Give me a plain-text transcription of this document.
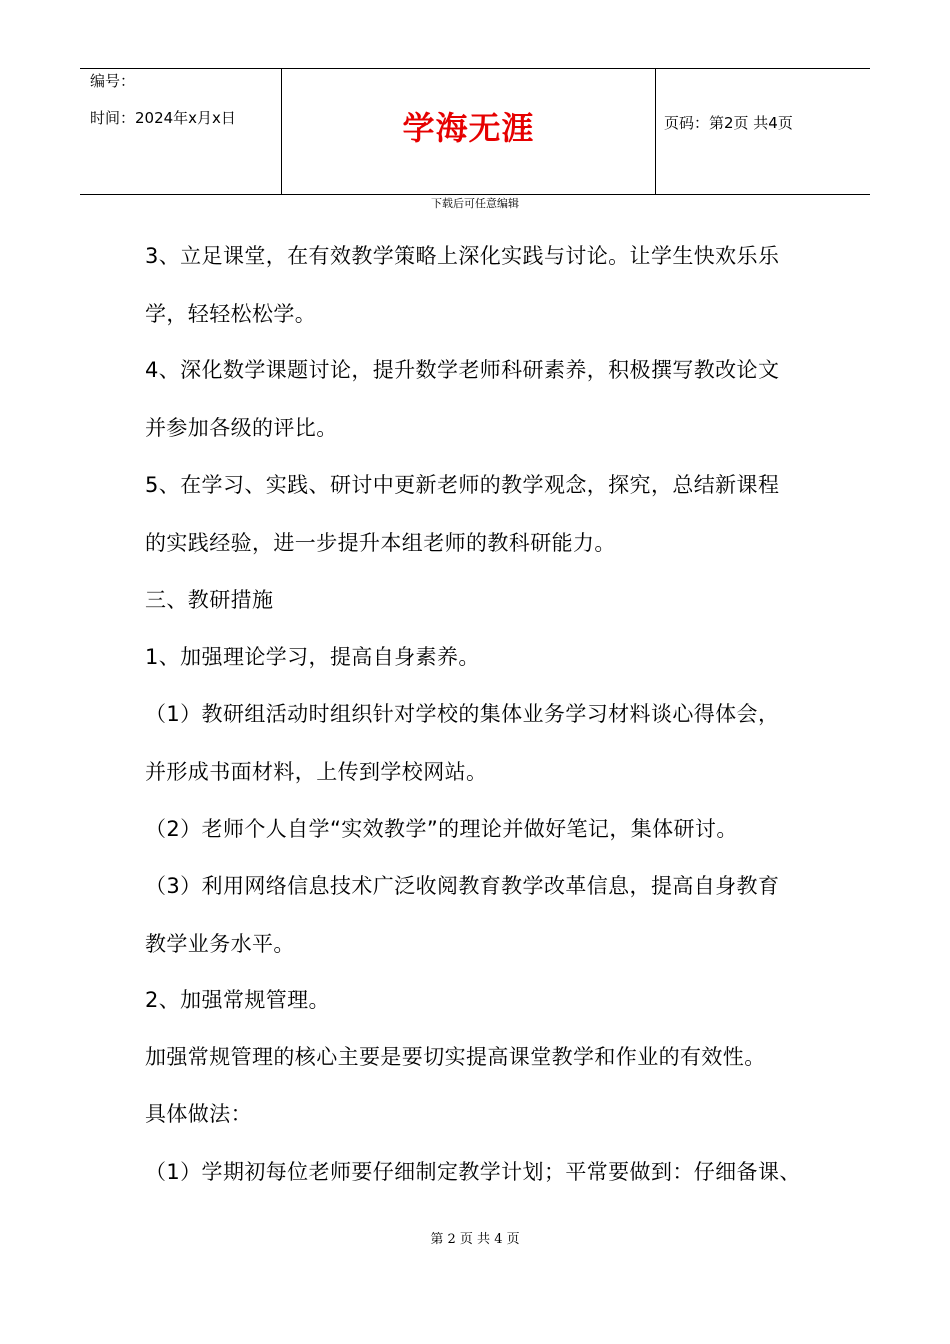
编号：
时间：2024年x月x日	学海无涯	页码：第2页 共4页
下载后可任意编辑
3、立足课堂，在有效教学策略上深化实践与讨论。让学生快欢乐乐
学，轻轻松松学。
4、深化数学课题讨论，提升数学老师科研素养，积极撰写教改论文
并参加各级的评比。
5、在学习、实践、研讨中更新老师的教学观念，探究，总结新课程
的实践经验，进一步提升本组老师的教科研能力。
三、教研措施
1、加强理论学习，提高自身素养。
（1）教研组活动时组织针对学校的集体业务学习材料谈心得体会，
并形成书面材料，上传到学校网站。
（2）老师个人自学“实效教学”的理论并做好笔记，集体研讨。
（3）利用网络信息技术广泛收阅教育教学改革信息，提高自身教育
教学业务水平。
2、加强常规管理。
加强常规管理的核心主要是要切实提高课堂教学和作业的有效性。
具体做法：
（1）学期初每位老师要仔细制定教学计划；平常要做到：仔细备课、
第 2 页 共 4 页
